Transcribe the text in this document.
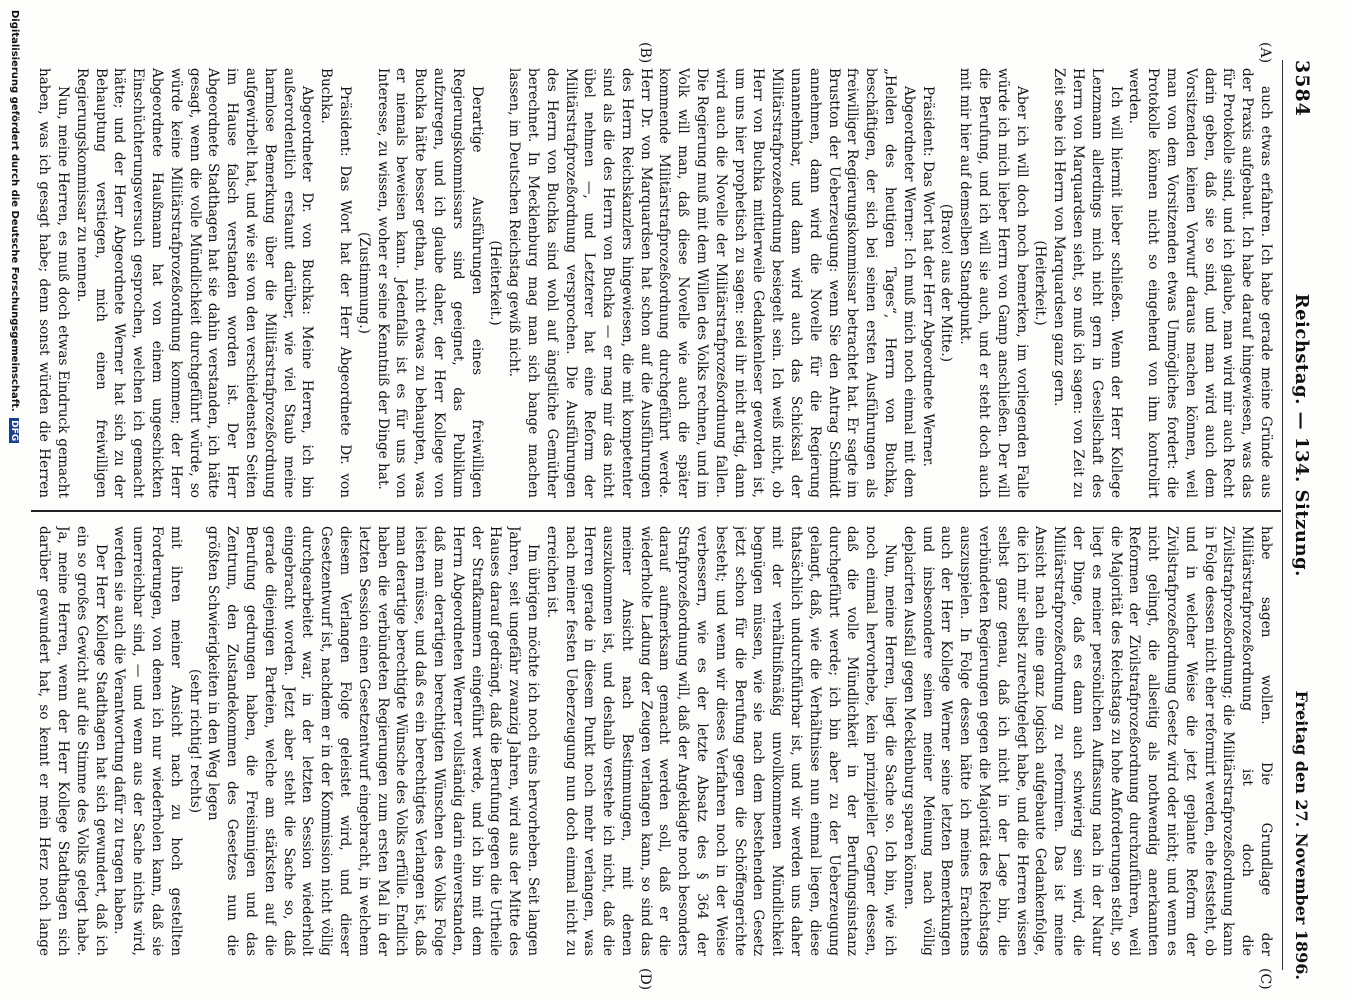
3584
Reichstag. — 134. Sitzung.
Freitag den 27. November 1896.
(A)
(B)
(C)
(D)

auch etwas erfahren. Ich habe gerade meine Gründe aus der Praxis aufgebaut. Ich habe darauf hingewiesen, was das für Protokolle sind, und ich glaube, man wird mir auch Recht darin geben, daß sie so sind, und man wird auch dem Vorsitzenden keinen Vorwurf daraus machen können, weil man von dem Vorsitzenden etwas Unmögliches fordert: die Protokolle können nicht so eingehend von ihm kontrolirt werden.

Ich will hiermit lieber schließen. Wenn der Herr Kollege Lenzmann allerdings mich nicht gern in Gesellschaft des Herrn von Marquardsen sieht, so muß ich sagen: von Zeit zu Zeit sehe ich Herrn von Marquardsen ganz gern.

(Heiterkeit.)

Aber ich will doch noch bemerken, im vorliegenden Falle würde ich mich lieber Herrn von Gamp anschließen. Der will die Berufung, und ich will sie auch, und er steht doch auch mit mir hier auf demselben Standpunkt.

(Bravo! aus der Mitte.)

Präsident: Das Wort hat der Herr Abgeordnete Werner.

Abgeordneter Werner: Ich muß mich noch einmal mit dem „Helden des heutigen Tages“, Herrn von Buchka, beschäftigen, der sich bei seinen ersten Ausführungen als freiwilliger Regierungskommissar betrachtet hat. Er sagte im Brustton der Ueberzeugung: wenn Sie den Antrag Schmidt annehmen, dann wird die Novelle für die Regierung unannehmbar, und dann wird auch das Schicksal der Militärstrafprozeßordnung besiegelt sein. Ich weiß nicht, ob Herr von Buchka mittlerweile Gedankenleser geworden ist, um uns hier prophetisch zu sagen: seid ihr nicht artig, dann wird auch die Novelle der Militärstrafprozeßordnung fallen. Die Regierung muß mit dem Willen des Volks rechnen, und im Volk will man, daß diese Novelle wie auch die später kommende Militärstrafprozeßordnung durchgeführt werde. Herr Dr. von Marquardsen hat schon auf die Ausführungen des Herrn Reichskanzlers hingewiesen, die mit kompetenter sind als die des Herrn von Buchka — er mag mir das nicht übel nehmen —, und Letzterer hat eine Reform der Militärstrafprozeßordnung versprochen. Die Ausführungen des Herrn von Buchka sind wohl auf ängstliche Gemüther berechnet. In Mecklenburg mag man sich bange machen lassen, im Deutschen Reichstag gewiß nicht.

(Heiterkeit.)

Derartige Ausführungen eines freiwilligen Regierungskommissars sind geeignet, das Publikum aufzuregen, und ich glaube daher, der Herr Kollege von Buchka hätte besser gethan, nicht etwas zu behaupten, was er niemals beweisen kann. Jedenfalls ist es für uns von Interesse, zu wissen, woher er seine Kenntniß der Dinge hat.

(Zustimmung.)

Präsident: Das Wort hat der Herr Abgeordnete Dr. von Buchka.

Abgeordneter Dr. von Buchka: Meine Herren, ich bin außerordentlich erstaunt darüber, wie viel Staub meine harmlose Bemerkung über die Militärstrafprozeßordnung aufgewirbelt hat, und wie sie von den verschiedensten Seiten im Hause falsch verstanden worden ist. Der Herr Abgeordnete Stadthagen hat sie dahin verstanden, ich hätte gesagt, wenn die volle Mündlichkeit durchgeführt würde, so würde keine Militärstrafprozeßordnung kommen; der Herr Abgeordnete Haußmann hat von einem ungeschickten Einschüchterungsversuch gesprochen, welchen ich gemacht hätte; und der Herr Abgeordnete Werner hat sich zu der Behauptung verstiegen, mich einen freiwilligen Regierungskommissar zu nennen.

Nun, meine Herren, es muß doch etwas Eindruck gemacht haben, was ich gesagt habe; denn sonst würden die Herren

habe sagen wollen. Die Grundlage der Militärstrafprozeßordnung ist doch die Zivilstrafprozeßordnung; die Militärstrafprozeßordnung kann in Folge dessen nicht eher reformirt werden, ehe feststeht, ob und in welcher Weise die jetzt geplante Reform der Zivilstrafprozeßordnung Gesetz wird oder nicht; und wenn es nicht gelingt, die allseitig als nothwendig anerkannten Reformen der Zivilstrafprozeßordnung durchzuführen, weil die Majorität des Reichstags zu hohe Anforderungen stellt, so liegt es meiner persönlichen Auffassung nach in der Natur der Dinge, daß es dann auch schwierig sein wird, die Militärstrafprozeßordnung zu reformiren. Das ist meine Ansicht nach eine ganz logisch aufgebaute Gedankenfolge, die ich mir selbst zurechtgelegt habe, und die Herren wissen selbst ganz genau, daß ich nicht in der Lage bin, die verbündeten Regierungen gegen die Majorität des Reichstags auszuspielen. In Folge dessen hätte ich meines Erachtens auch der Herr Kollege Werner seine letzten Bemerkungen und insbesondere seinen meiner Meinung nach völlig deplacirten Ausfall gegen Mecklenburg sparen können.

Nun, meine Herren, liegt die Sache so. Ich bin, wie ich noch einmal hervorhebe, kein prinzipieller Gegner dessen, daß die volle Mündlichkeit in der Berufungsinstanz durchgeführt werde; ich bin aber zu der Ueberzeugung gelangt, daß, wie die Verhältnisse nun einmal liegen, diese thatsächlich undurchführbar ist, und wir werden uns daher mit der verhältnißmäßig unvollkommenen Mündlichkeit begnügen müssen, wie sie nach dem bestehenden Gesetz jetzt schon für die Berufung gegen die Schöffengerichte besteht; und wenn wir dieses Verfahren noch in der Weise verbessern, wie es der letzte Absatz des § 364 der Strafprozeßordnung will, daß der Angeklagte noch besonders darauf aufmerksam gemacht werden soll, daß er die wiederholte Ladung der Zeugen verlangen kann, so sind das meiner Ansicht nach Bestimmungen, mit denen auszukommen ist, und deshalb verstehe ich nicht, daß die Herren gerade in diesem Punkt noch mehr verlangen, was nach meiner festen Ueberzeugung nun doch einmal nicht zu erreichen ist.

Im übrigen möchte ich noch eins hervorheben. Seit langen Jahren, seit ungefähr zwanzig Jahren, wird aus der Mitte des Hauses darauf gedrängt, daß die Berufung gegen die Urtheile der Strafkammern eingeführt werde, und ich bin mit dem Herrn Abgeordneten Werner vollständig darin einverstanden, daß man derartigen berechtigten Wünschen des Volks Folge leisten müsse, und daß es ein berechtigtes Verlangen ist, daß man derartige berechtigte Wünsche des Volks erfülle. Endlich haben die verbündeten Regierungen zum ersten Mal in der letzten Session einen Gesetzentwurf eingebracht, in welchem diesem Verlangen Folge geleistet wird, und dieser Gesetzentwurf ist, nachdem er in der Kommission nicht völlig durchgearbeitet war, in der letzten Session wiederholt eingebracht worden. Jetzt aber steht die Sache so, daß gerade diejenigen Parteien, welche am stärksten auf die Berufung gedrungen haben, die Freisinnigen und das Zentrum, den Zustandekommen des Gesetzes nun die größten Schwierigkeiten in den Weg legen

(sehr richtig! rechts)

mit ihren meiner Ansicht nach zu hoch gestellten Forderungen, von denen ich nur wiederholen kann, daß sie unerreichbar sind, — und wenn aus der Sache nichts wird, werden sie auch die Verantwortung dafür zu tragen haben.

Der Herr Kollege Stadthagen hat sich gewundert, daß ich ein so großes Gewicht auf die Stimme des Volks gelegt habe. Ja, meine Herren, wenn der Herr Kollege Stadthagen sich darüber gewundert hat, so kennt er mein Herz noch lange

Digitalisierung gefördert durch die Deutsche Forschungsgemeinschaft. DFG
